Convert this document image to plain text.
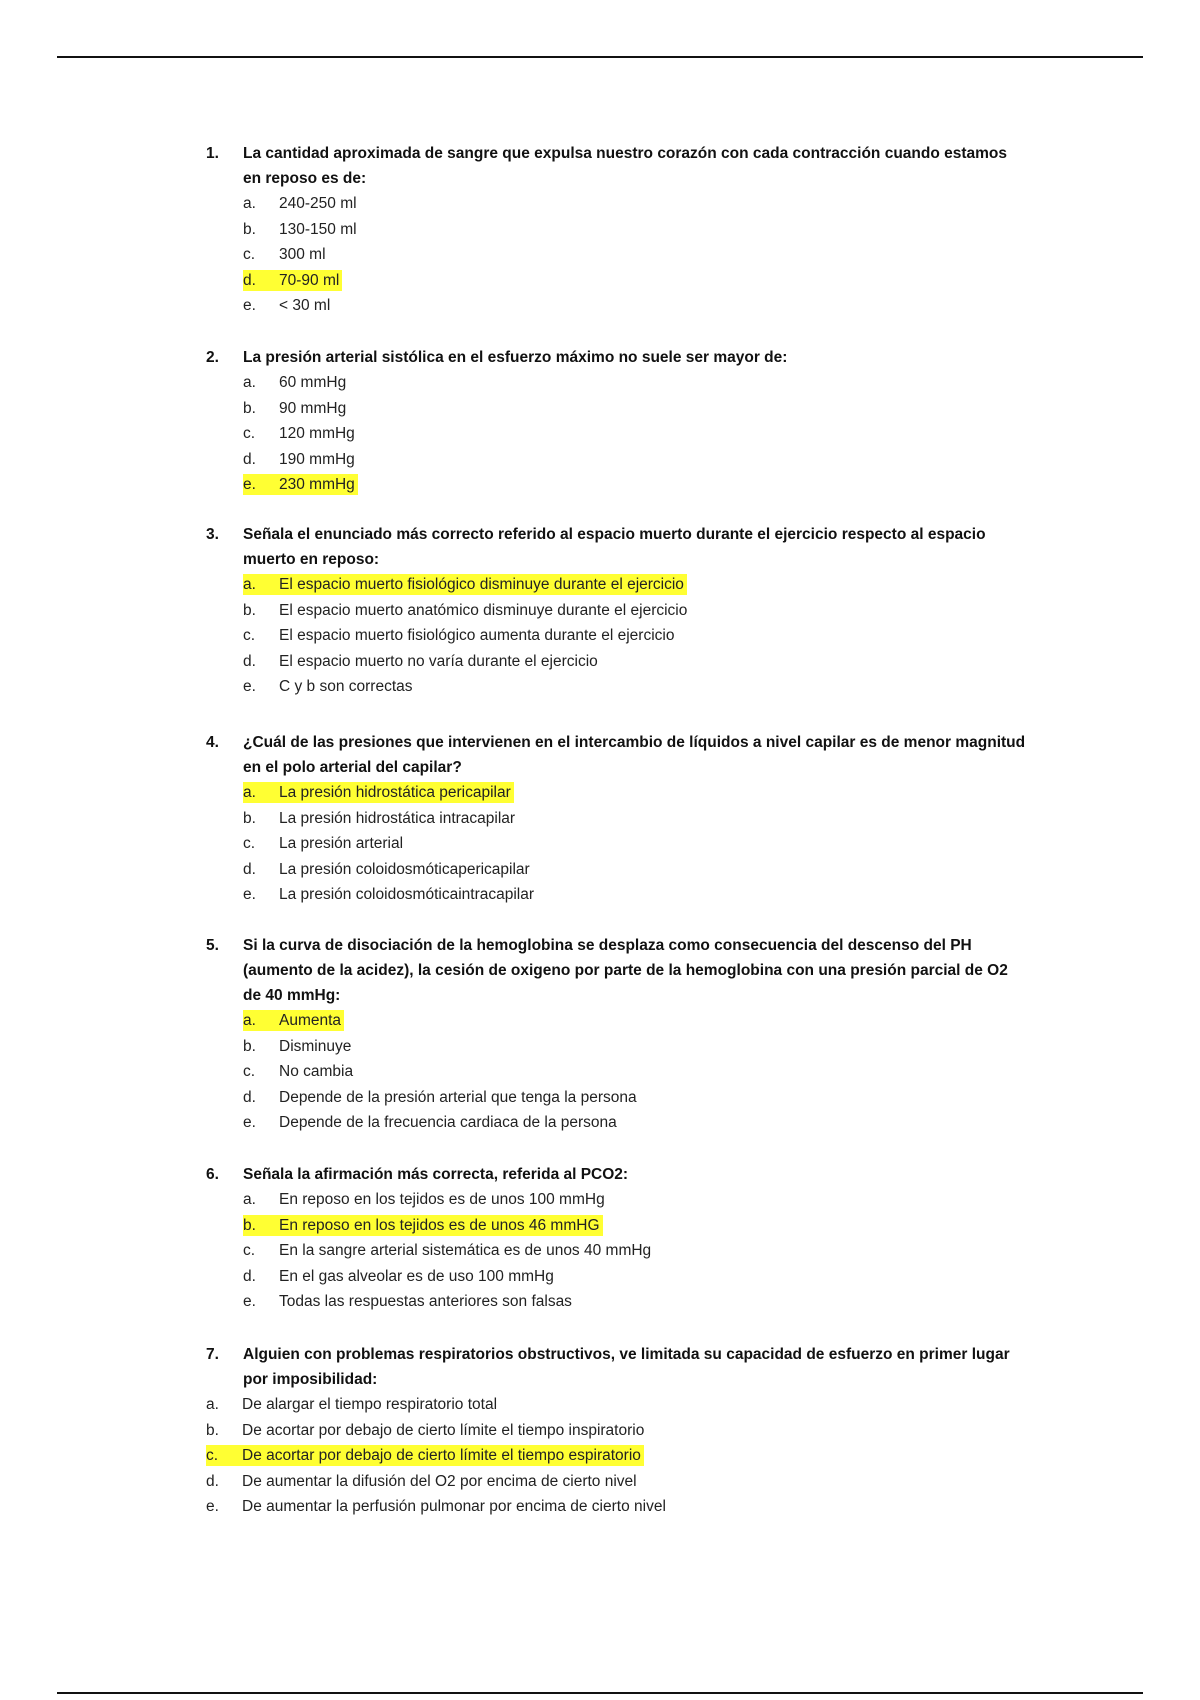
1. La cantidad aproximada de sangre que expulsa nuestro corazón con cada contracción cuando estamos en reposo es de:
a. 240-250 ml
b. 130-150 ml
c. 300 ml
d. 70-90 ml
e. < 30 ml
2. La presión arterial sistólica en el esfuerzo máximo no suele ser mayor de:
a. 60 mmHg
b. 90 mmHg
c. 120 mmHg
d. 190 mmHg
e. 230 mmHg
3. Señala el enunciado más correcto referido al espacio muerto durante el ejercicio respecto al espacio muerto en reposo:
a. El espacio muerto fisiológico disminuye durante el ejercicio
b. El espacio muerto anatómico disminuye durante el ejercicio
c. El espacio muerto fisiológico aumenta durante el ejercicio
d. El espacio muerto no varía durante el ejercicio
e. C y b son correctas
4. ¿Cuál de las presiones que intervienen en el intercambio de líquidos a nivel capilar es de menor magnitud en el polo arterial del capilar?
a. La presión hidrostática pericapilar
b. La presión hidrostática intracapilar
c. La presión arterial
d. La presión coloidosmóticapericapilar
e. La presión coloidosmóticaintracapilar
5. Si la curva de disociación de la hemoglobina se desplaza como consecuencia del descenso del PH (aumento de la acidez), la cesión de oxigeno por parte de la hemoglobina con una presión parcial de O2 de 40 mmHg:
a. Aumenta
b. Disminuye
c. No cambia
d. Depende de la presión arterial que tenga la persona
e. Depende de la frecuencia cardiaca de la persona
6. Señala la afirmación más correcta, referida al PCO2:
a. En reposo en los tejidos es de unos 100 mmHg
b. En reposo en los tejidos es de unos 46 mmHG
c. En la sangre arterial sistemática es de unos 40 mmHg
d. En el gas alveolar es de uso 100 mmHg
e. Todas las respuestas anteriores son falsas
7. Alguien con problemas respiratorios obstructivos, ve limitada su capacidad de esfuerzo en primer lugar por imposibilidad:
a. De alargar el tiempo respiratorio total
b. De acortar por debajo de cierto límite el tiempo inspiratorio
c. De acortar por debajo de cierto límite el tiempo espiratorio
d. De aumentar la difusión del O2 por encima de cierto nivel
e. De aumentar la perfusión pulmonar por encima de cierto nivel
